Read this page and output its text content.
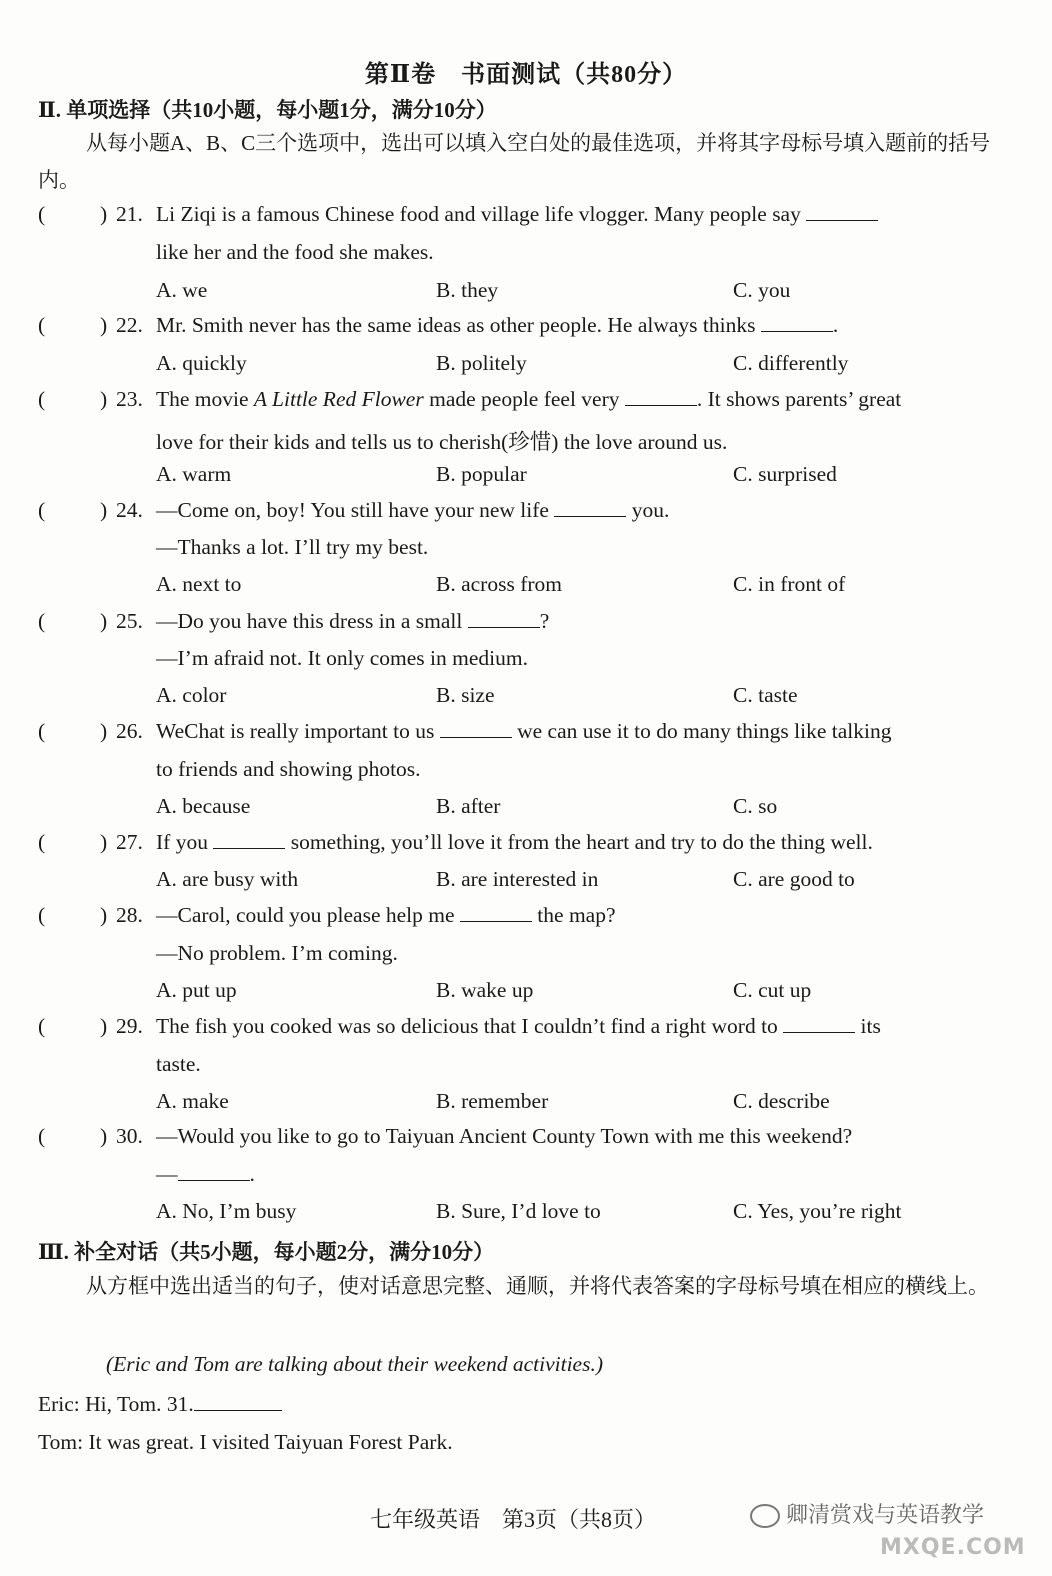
第Ⅱ卷　书面测试（共80分）
Ⅱ. 单项选择（共10小题，每小题1分，满分10分）
从每小题A、B、C三个选项中，选出可以填入空白处的最佳选项，并将其字母标号填入题前的括号内。
(	) 21. Li Ziqi is a famous Chinese food and village life vlogger. Many people say
like her and the food she makes.
A. we	B. they	C. you
(	) 22. Mr. Smith never has the same ideas as other people. He always thinks	.
A. quickly	B. politely	C. differently
(	) 23. The movie A Little Red Flower made people feel very	. It shows parents’ great
love for their kids and tells us to cherish(珍惜) the love around us.
A. warm	B. popular	C. surprised
(	) 24. —Come on, boy! You still have your new life	you.
—Thanks a lot. I’ll try my best.
A. next to	B. across from	C. in front of
(	) 25. —Do you have this dress in a small	?
—I’m afraid not. It only comes in medium.
A. color	B. size	C. taste
(	) 26. WeChat is really important to us	we can use it to do many things like talking
to friends and showing photos.
A. because	B. after	C. so
(	) 27. If you	something, you’ll love it from the heart and try to do the thing well.
A. are busy with	B. are interested in	C. are good to
(	) 28. —Carol, could you please help me	the map?
—No problem. I’m coming.
A. put up	B. wake up	C. cut up
(	) 29. The fish you cooked was so delicious that I couldn’t find a right word to	its
taste.
A. make	B. remember	C. describe
(	) 30. —Would you like to go to Taiyuan Ancient County Town with me this weekend?
—	.
A. No, I’m busy	B. Sure, I’d love to	C. Yes, you’re right
Ⅲ. 补全对话（共5小题，每小题2分，满分10分）
从方框中选出适当的句子，使对话意思完整、通顺，并将代表答案的字母标号填在相应的横线上。
(Eric and Tom are talking about their weekend activities.)
Eric: Hi, Tom. 31.
Tom: It was great. I visited Taiyuan Forest Park.
七年级英语　第3页（共8页）	卿清赏戏与英语教学
MXQE.COM
